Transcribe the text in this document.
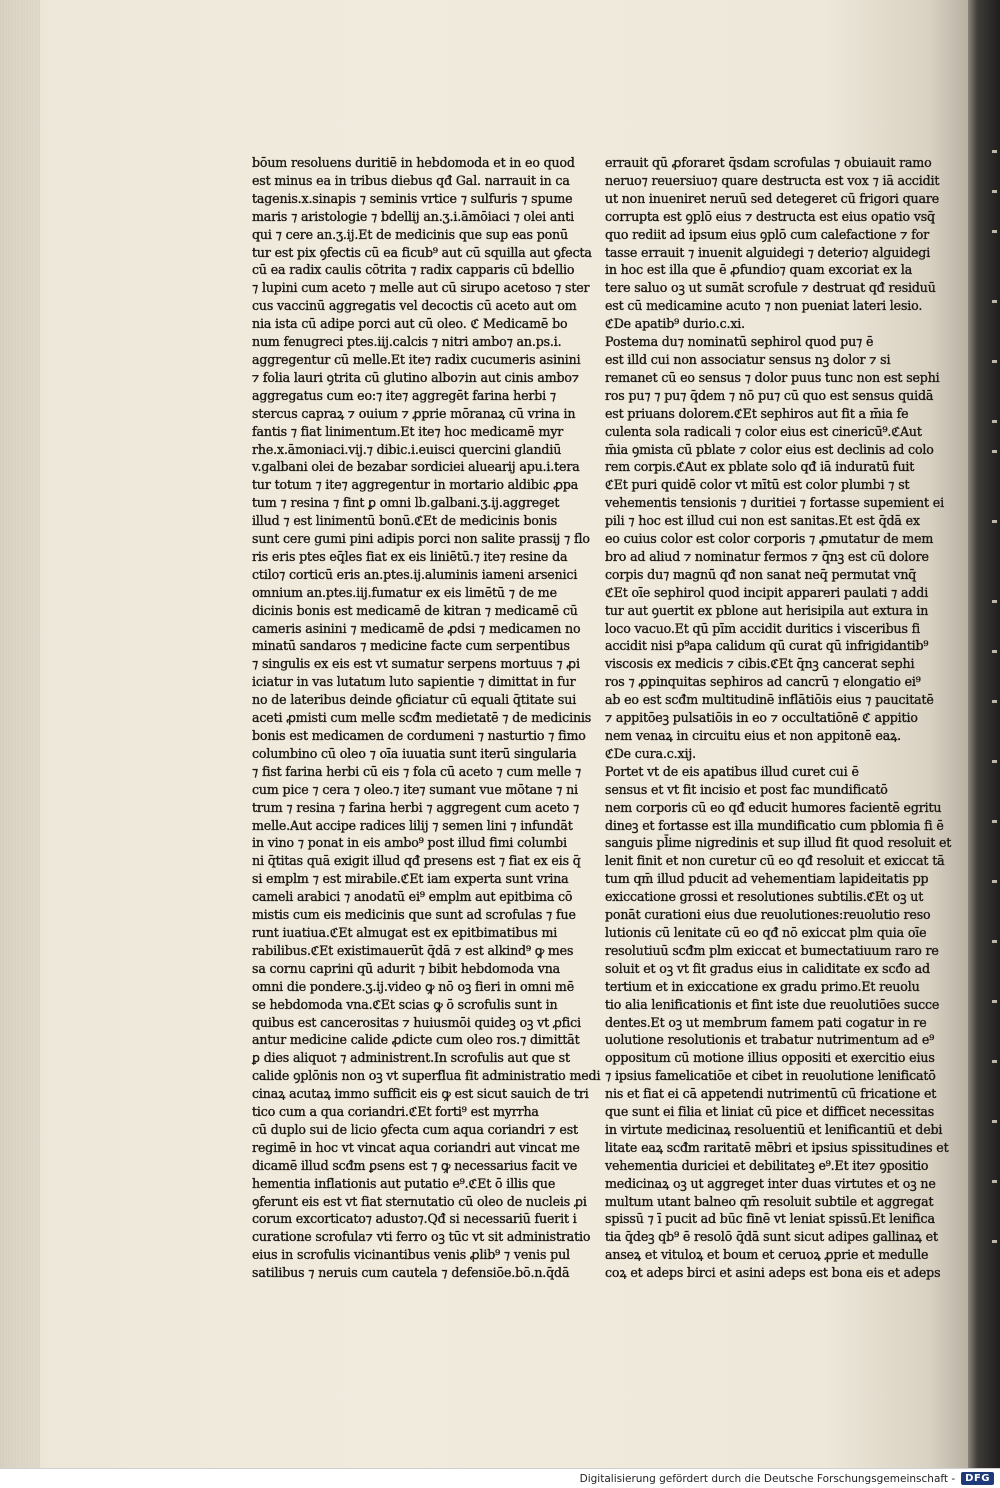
bōum resoluens duritiē in hebdomoda et in eo quod
est minus ea in tribus diebus qđ Gal. narrauit in ca
tagenis.x.sinapis ⁊ seminis vrtice ⁊ sulfuris ⁊ spume
maris ⁊ aristologie ⁊ bdellij an.ʒ.i.āmōiaci ⁊ olei anti
qui ⁊ cere an.ʒ.ij.Et de medicinis que sup eas ponū
tur est pix ꝯfectis cū ea ficub⁹ aut cū squilla aut ꝯfecta
cū ea radix caulis cōtrita ⁊ radix capparis cū bdellio
⁊ lupini cum aceto ⁊ melle aut cū sirupo acetoso ⁊ ster
cus vaccinū aggregatis vel decoctis cū aceto aut om
nia ista cū adipe porci aut cū oleo. ℭ Medicamē bo
num fenugreci ptes.iij.calcis ⁊ nitri ambo⁊ an.ps.i.
aggregentur cū melle.Et ite⁊ radix cucumeris asinini
⁊ folia lauri ꝯtrita cū glutino albo⁊in aut cinis ambo⁊
aggregatus cum eo:⁊ ite⁊ aggregēt farina herbi ⁊
stercus capraꝝ ⁊ ouium ⁊ ꝓprie mōranaꝝ cū vrina in
fantis ⁊ fiat linimentum.Et ite⁊ hoc medicamē myr
rhe.x.āmoniaci.vij.⁊ dibic.i.euisci quercini glandiū
v.galbani olei de bezabar sordiciei aluearij apu.i.tera
tur totum ⁊ ite⁊ aggregentur in mortario aldibic ꝓpa
tum ⁊ resina ⁊ fint ꝑ omni lb.galbani.ʒ.ij.aggreget
illud ⁊ est linimentū bonū.ℭEt de medicinis bonis
sunt cere gumi pini adipis porci non salite prassij ⁊ flo
ris eris ptes eq̄les fiat ex eis liniētū.⁊ ite⁊ resine da
ctilo⁊ corticū eris an.ptes.ij.aluminis iameni arsenici
omnium an.ptes.iij.fumatur ex eis limētū ⁊ de me
dicinis bonis est medicamē de kitran ⁊ medicamē cū
cameris asinini ⁊ medicamē de ꝓdsi ⁊ medicamen no
minatū sandaros ⁊ medicine facte cum serpentibus
⁊ singulis ex eis est vt sumatur serpens mortuus ⁊ ꝓi
iciatur in vas lutatum luto sapientie ⁊ dimittat in fur
no de lateribus deinde ꝯficiatur cū equali q̄titate sui
aceti ꝓmisti cum melle scđm medietatē ⁊ de medicinis
bonis est medicamen de cordumeni ⁊ nasturtio ⁊ fimo
columbino cū oleo ⁊ oīa iuuatia sunt iterū singularia
⁊ fist farina herbi cū eis ⁊ fola cū aceto ⁊ cum melle ⁊
cum pice ⁊ cera ⁊ oleo.⁊ ite⁊ sumant vue mōtane ⁊ ni
trum ⁊ resina ⁊ farina herbi ⁊ aggregent cum aceto ⁊
melle.Aut accipe radices lilij ⁊ semen lini ⁊ infundāt
in vino ⁊ ponat in eis ambo⁹ post illud fimi columbi
ni q̄titas quā exigit illud qđ presens est ⁊ fiat ex eis q̄
si emplm ⁊ est mirabile.ℭEt iam experta sunt vrina
cameli arabici ⁊ anodatū ei⁹ emplm aut epitbima cō
mistis cum eis medicinis que sunt ad scrofulas ⁊ fue
runt iuatiua.ℭEt almugat est ex epitbimatibus mi
rabilibus.ℭEt existimauerūt q̄dā ⁊ est alkind⁹ ꝙ mes
sa cornu caprini qū adurit ⁊ bibit hebdomoda vna
omni die pondere.ʒ.ij.video ꝙ nō oꝫ fieri in omni mē
se hebdomoda vna.ℭEt scias ꝙ ō scrofulis sunt in
quibus est cancerositas ⁊ huiusmōi quideꝫ oꝫ vt ꝓfici
antur medicine calide ꝓdicte cum oleo ros.⁊ dimittāt
ꝑ dies aliquot ⁊ administrent.In scrofulis aut que st
calide ꝯplōnis non oꝫ vt superflua fit administratio medi
cinaꝝ acutaꝝ immo sufficit eis ꝙ est sicut sauich de tri
tico cum a qua coriandri.ℭEt forti⁹ est myrrha
cū duplo sui de licio ꝯfecta cum aqua coriandri ⁊ est
regimē in hoc vt vincat aqua coriandri aut vincat me
dicamē illud scđm ꝑsens est ⁊ ꝙ necessarius facit ve
hementia inflationis aut putatio e⁹.ℭEt ō illis que
ꝯferunt eis est vt fiat sternutatio cū oleo de nucleis ꝓi
corum excorticato⁊ adusto⁊.Qđ si necessariū fuerit i
curatione scrofula⁊ vti ferro oꝫ tūc vt sit administratio
eius in scrofulis vicinantibus venis ꝓlib⁹ ⁊ venis pul
satilibus ⁊ neruis cum cautela ⁊ defensiōe.bō.n.q̄dā
errauit qū ꝓforaret q̄sdam scrofulas ⁊ obuiauit ramo
neruo⁊ reuersiuo⁊ quare destructa est vox ⁊ iā accidit
ut non inueniret neruū sed detegeret cū frigori quare
corrupta est ꝯplō eius ⁊ destructa est eius opatio vsq̄
quo rediit ad ipsum eius ꝯplō cum calefactione ⁊ for
tasse errauit ⁊ inuenit alguidegi ⁊ deterio⁊ alguidegi
in hoc est illa que ē ꝓfundio⁊ quam excoriat ex la
tere saluo oꝫ ut sumāt scrofule ⁊ destruat qđ residuū
est cū medicamine acuto ⁊ non pueniat lateri lesio.
ℭDe apatib⁹ durio.c.xi.
Postema du⁊ nominatū sephirol quod pu⁊ ē
est illd cui non associatur sensus nꝫ dolor ⁊ si
remanet cū eo sensus ⁊ dolor puus tunc non est sephi
ros pu⁊ ⁊ pu⁊ q̄dem ⁊ nō pu⁊ cū quo est sensus quidā
est priuans dolorem.ℭEt sephiros aut fit a m̄ia fe
culenta sola radicali ⁊ color eius est cinericū⁹.ℭAut
m̄ia ꝯmista cū pblate ⁊ color eius est declinis ad colo
rem corpis.ℭAut ex pblate solo qđ iā induratū fuit
ℭEt puri quidē color vt mītū est color plumbi ⁊ st
vehementis tensionis ⁊ duritiei ⁊ fortasse supemient ei
pili ⁊ hoc est illud cui non est sanitas.Et est q̄dā ex
eo cuius color est color corporis ⁊ ꝓmutatur de mem
bro ad aliud ⁊ nominatur fermos ⁊ q̄nꝫ est cū dolore
corpis du⁊ magnū qđ non sanat neq̄ permutat vnq̄
ℭEt oīe sephirol quod incipit appareri paulati ⁊ addi
tur aut ꝯuertit ex pblone aut herisipila aut extura in
loco vacuo.Et qū pīm accidit duritics i visceribus fi
accidit nisi p⁹apa calidum qū curat qū infrigidantib⁹
viscosis ex medicis ⁊ cibis.ℭEt q̄nꝫ cancerat sephi
ros ⁊ ꝓpinquitas sephiros ad cancrū ⁊ elongatio ei⁹
ab eo est scđm multitudinē inflātiōis eius ⁊ paucitatē
⁊ appitōeꝫ pulsatiōis in eo ⁊ occultatiōnē ℭ appitio
nem venaꝝ in circuitu eius et non appitonē eaꝝ.
ℭDe cura.c.xij.
Portet vt de eis apatibus illud curet cui ē
sensus et vt fit incisio et post fac mundificatō
nem corporis cū eo qđ educit humores facientē egritu
dineꝫ et fortasse est illa mundificatio cum pblomia fi ē
sanguis pl̄ime nigredinis et sup illud fit quod resoluit et
lenit finit et non curetur cū eo qđ resoluit et exiccat tā
tum qm̄ illud pducit ad vehementiam lapideitatis pp
exiccatione grossi et resolutiones subtilis.ℭEt oꝫ ut
ponāt curationi eius due reuolutiones:reuolutio reso
lutionis cū lenitate cū eo qđ nō exiccat plm quia oīe
resolutiuū scđm plm exiccat et bumectatiuum raro re
soluit et oꝫ vt fit gradus eius in caliditate ex scđo ad
tertium et in exiccatione ex gradu primo.Et reuolu
tio alia lenificationis et fint iste due reuolutiōes succe
dentes.Et oꝫ ut membrum famem pati cogatur in re
uolutione resolutionis et trabatur nutrimentum ad e⁹
oppositum cū motione illius oppositi et exercitio eius
⁊ ipsius famelicatiōe et cibet in reuolutione lenificatō
nis et fiat ei cā appetendi nutrimentū cū fricatione et
que sunt ei filia et liniat cū pice et difficet necessitas
in virtute medicinaꝝ resoluentiū et lenificantiū et debi
litate eaꝝ scđm raritatē mēbri et ipsius spissitudines et
vehementia duriciei et debilitateꝫ e⁹.Et ite⁊ ꝯpositio
medicinaꝝ oꝫ ut aggreget inter duas virtutes et oꝫ ne
multum utant balneo qm̄ resoluit subtile et aggregat
spissū ⁊ ī pucit ad būc finē vt leniat spissū.Et lenifica
tia q̄deꝫ qb⁹ ē resolō q̄dā sunt sicut adipes gallinaꝝ et
anseꝝ et vituloꝝ et boum et ceruoꝝ ꝓprie et medulle
coꝝ et adeps birci et asini adeps est bona eis et adeps
Digitalisierung gefördert durch die Deutsche Forschungsgemeinschaft -	DFG
